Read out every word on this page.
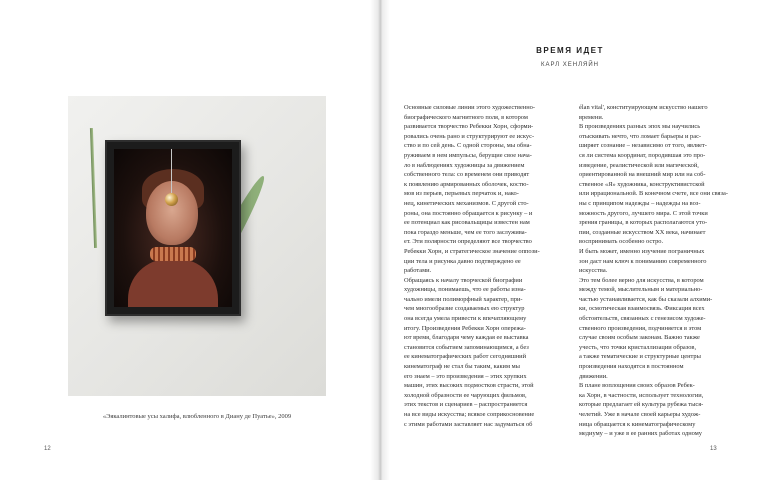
«Эякалинтовые усы халифа, влюбленного в Диану де Пуатье», 2009
12
ВРЕМЯ ИДЕТ
КАРЛ ХЕНЛЯЙН

Основные силовые линии этого художественно-
биографического магнитного поля, в котором
развивается творчество Ребекки Хорн, сформи-
ровались очень рано и структурируют ее искус-
ство и по сей день. С одной стороны, мы обна-
руживаем в нем импульсы, берущие свое нача-
ло в наблюдениях художницы за движением
собственного тела: со временем они приводят
к появлению армированных оболочек, костю-
мов из перьев, перьевых перчаток и, нако-
нец, кинетических механизмов. С другой сто-
роны, она постоянно обращается к рисунку – и
ее потенциал как рисовальщицы известен нам
пока гораздо меньше, чем ее того заслужива-
ет. Эти полярности определяют все творчество
Ребекки Хорн, и стратегическое значение оппози-
ции тела и рисунка давно подтверждено ее
работами.
Обращаясь к началу творческой биографии
художницы, понимаешь, что ее работы изна-
чально имели полиморфный характер, при-
чем многообразие создаваемых ею структур
она всегда умела привести к впечатляющему
итогу. Произведения Ребекки Хорн опережа-
ют время, благодаря чему каждая ее выставка
становится событием запоминающимся, а без
ее кинематографических работ сегодняшний
кинематограф не стал бы таким, каким мы
его знаем – это произведения – этих хрупких
машин, этих высоких подмостков страсти, этой
холодной образности ее чарующих фильмов,
этих текстов и сценариев – распространяется
на все виды искусства; всякое соприкосновение
с этими работами заставляет нас задуматься об

élan vital', конституирующем искусство нашего
времени.
В произведениях разных эпох мы научились
отыскивать нечто, что ломает барьеры и рас-
ширяет сознание – независимо от того, являет-
ся ли система координат, породившая это про-
изведение, реалистической или магической,
ориентированной на внешний мир или на соб-
ственное «Я» художника, конструктивистской
или иррациональной. В конечном счете, все они связа-
ны с принципом надежды – надежды на воз-
можность другого, лучшего мира. С этой точки
зрения границы, в которых располагаются уто-
пии, созданные искусством XX века, начинает
воспринимать особенно остро.
И быть может, именно изучение пограничных
зон даст нам ключ к пониманию современного
искусства.
Это тем более верно для искусства, в котором
между темой, мыслительным и материально-
частью устанавливается, как бы сказали алхими-
ки, осмотическая взаимосвязь. Фиксация всех
обстоятельств, связанных с генезисом художе-
ственного произведения, подчиняется в этом
случае своим особым законам. Важно также
учесть, что точки кристаллизации образов,
а также тематические и структурные центры
произведения находятся в постоянном
движении.
В плане воплощения своих образов Ребек-
ка Хорн, в частности, использует технологии,
которые предлагает ей культура рубежа тыся-
челетий. Уже в начале своей карьеры худож-
ница обращается к кинематографическому
медиуму – и уже в ее ранних работах одному

13
